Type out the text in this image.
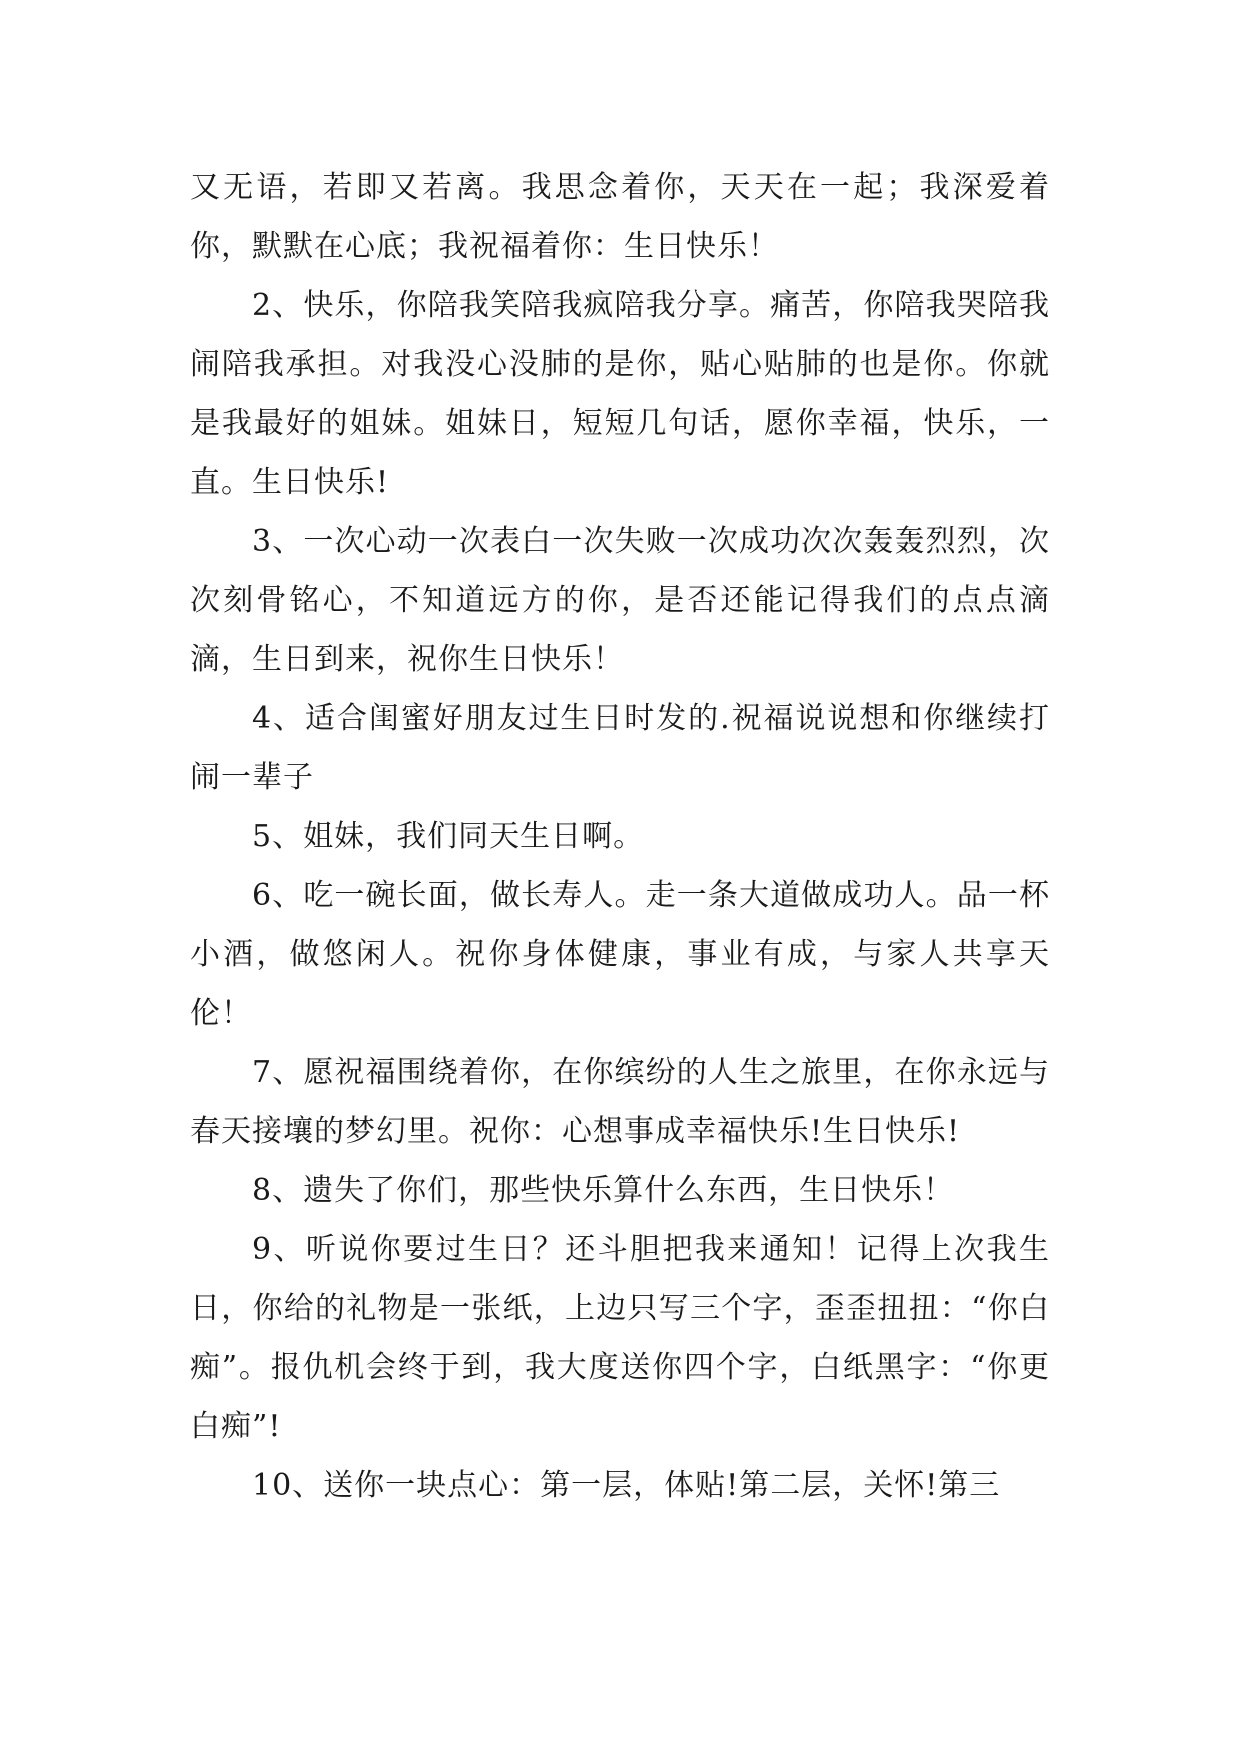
又无语，若即又若离。我思念着你，天天在一起；我深爱着你，默默在心底；我祝福着你：生日快乐！

2、快乐，你陪我笑陪我疯陪我分享。痛苦，你陪我哭陪我闹陪我承担。对我没心没肺的是你，贴心贴肺的也是你。你就是我最好的姐妹。姐妹日，短短几句话，愿你幸福，快乐，一直。生日快乐!

3、一次心动一次表白一次失败一次成功次次轰轰烈烈，次次刻骨铭心，不知道远方的你，是否还能记得我们的点点滴滴，生日到来，祝你生日快乐！

4、适合闺蜜好朋友过生日时发的.祝福说说想和你继续打闹一辈子

5、姐妹，我们同天生日啊。

6、吃一碗长面，做长寿人。走一条大道做成功人。品一杯小酒，做悠闲人。祝你身体健康，事业有成，与家人共享天伦！

7、愿祝福围绕着你，在你缤纷的人生之旅里，在你永远与春天接壤的梦幻里。祝你：心想事成幸福快乐!生日快乐!

8、遗失了你们，那些快乐算什么东西，生日快乐！

9、听说你要过生日？还斗胆把我来通知！记得上次我生日，你给的礼物是一张纸，上边只写三个字，歪歪扭扭：“你白痴”。报仇机会终于到，我大度送你四个字，白纸黑字：“你更白痴”!

10、送你一块点心：第一层，体贴!第二层，关怀!第三
